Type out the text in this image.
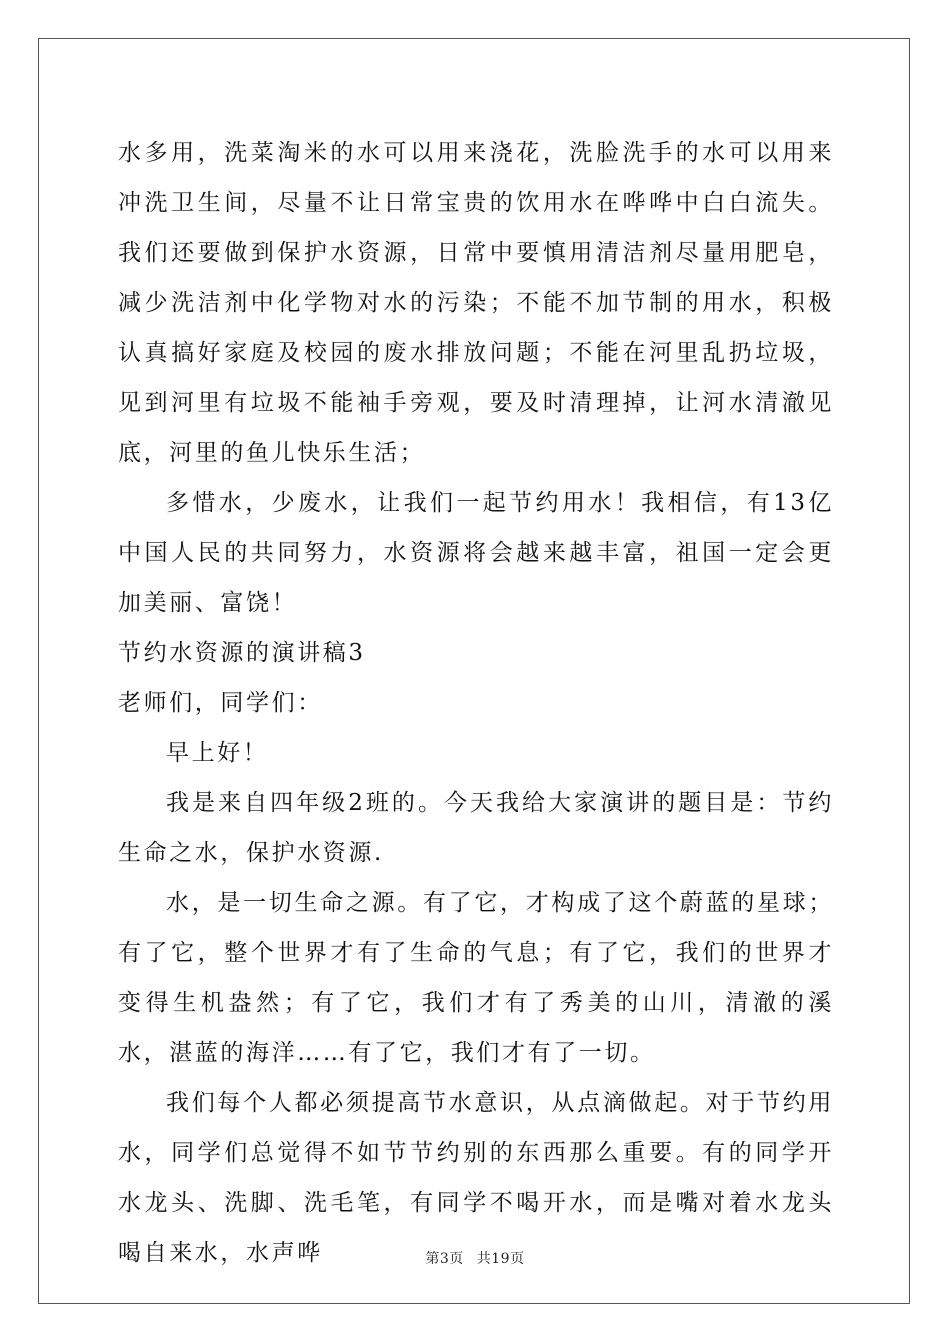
水多用，洗菜淘米的水可以用来浇花，洗脸洗手的水可以用来冲洗卫生间，尽量不让日常宝贵的饮用水在哗哗中白白流失。我们还要做到保护水资源，日常中要慎用清洁剂尽量用肥皂，减少洗洁剂中化学物对水的污染；不能不加节制的用水，积极认真搞好家庭及校园的废水排放问题；不能在河里乱扔垃圾，见到河里有垃圾不能袖手旁观，要及时清理掉，让河水清澈见底，河里的鱼儿快乐生活；

多惜水，少废水，让我们一起节约用水！我相信，有13亿中国人民的共同努力，水资源将会越来越丰富，祖国一定会更加美丽、富饶！

节约水资源的演讲稿3

老师们，同学们：

早上好！

我是来自四年级2班的。今天我给大家演讲的题目是：节约生命之水，保护水资源.

水，是一切生命之源。有了它，才构成了这个蔚蓝的星球；有了它，整个世界才有了生命的气息；有了它，我们的世界才变得生机盎然；有了它，我们才有了秀美的山川，清澈的溪水，湛蓝的海洋……有了它，我们才有了一切。

我们每个人都必须提高节水意识，从点滴做起。对于节约用水，同学们总觉得不如节节约别的东西那么重要。有的同学开水龙头、洗脚、洗毛笔，有同学不喝开水，而是嘴对着水龙头喝自来水，水声哗	第3页 共19页
